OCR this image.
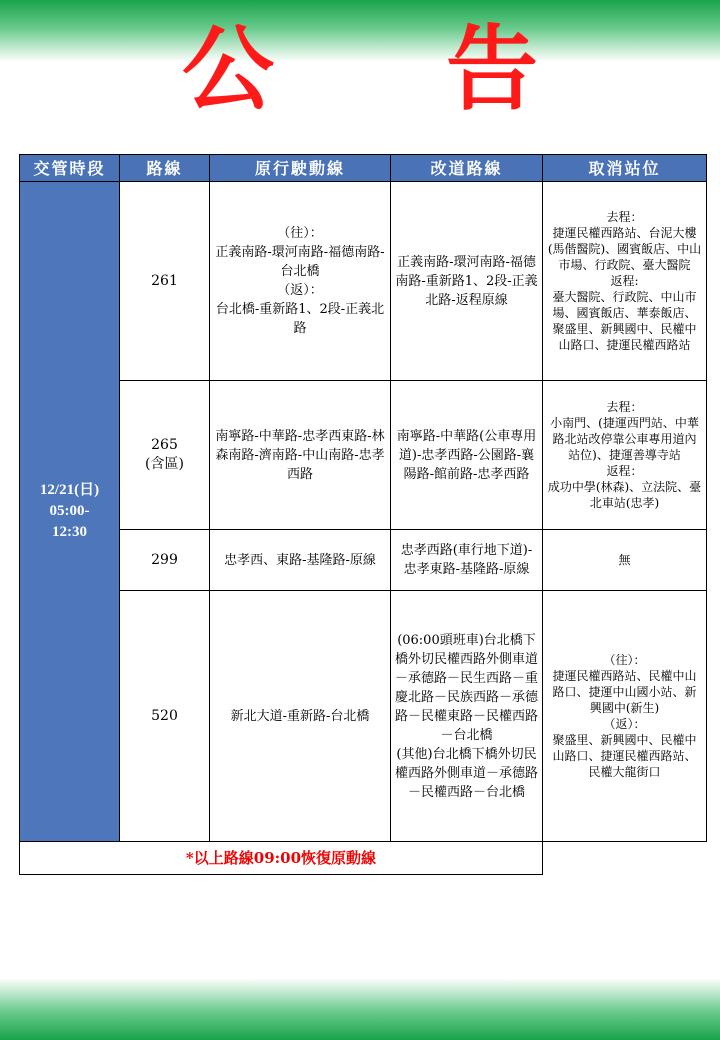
公 告
交管時段	路線	原行駛動線	改道路線	取消站位

12/21(日)
05:00-
12:30	261	（往）：
正義南路-環河南路-福德南路-台北橋
（返）：
台北橋-重新路1、2段-正義北路	正義南路-環河南路-福德南路-重新路1、2段-正義北路-返程原線	去程：
捷運民權西路站、台泥大樓(馬偕醫院)、國賓飯店、中山市場、行政院、臺大醫院
返程:
臺大醫院、行政院、中山市場、國賓飯店、華泰飯店、聚盛里、新興國中、民權中山路口、捷運民權西路站

	265
(含區)	南寧路-中華路-忠孝西東路-林森南路-濟南路-中山南路-忠孝西路	南寧路-中華路(公車專用道)-忠孝西路-公園路-襄陽路-館前路-忠孝西路	去程：
小南門、(捷運西門站、中華路北站改停靠公車專用道內站位)、捷運善導寺站
返程：
成功中學(林森)、立法院、臺北車站(忠孝)

	299	忠孝西、東路-基隆路-原線	忠孝西路(車行地下道)-忠孝東路-基隆路-原線	無

	520	新北大道-重新路-台北橋	(06:00頭班車)台北橋下橋外切民權西路外側車道－承德路－民生西路－重慶北路－民族西路－承德路－民權東路－民權西路－台北橋
(其他)台北橋下橋外切民權西路外側車道－承德路－民權西路－台北橋	（往）：
捷運民權西路站、民權中山路口、捷運中山國小站、新興國中(新生)
（返）：
聚盛里、新興國中、民權中山路口、捷運民權西路站、民權大龍街口

*以上路線09:00恢復原動線				
